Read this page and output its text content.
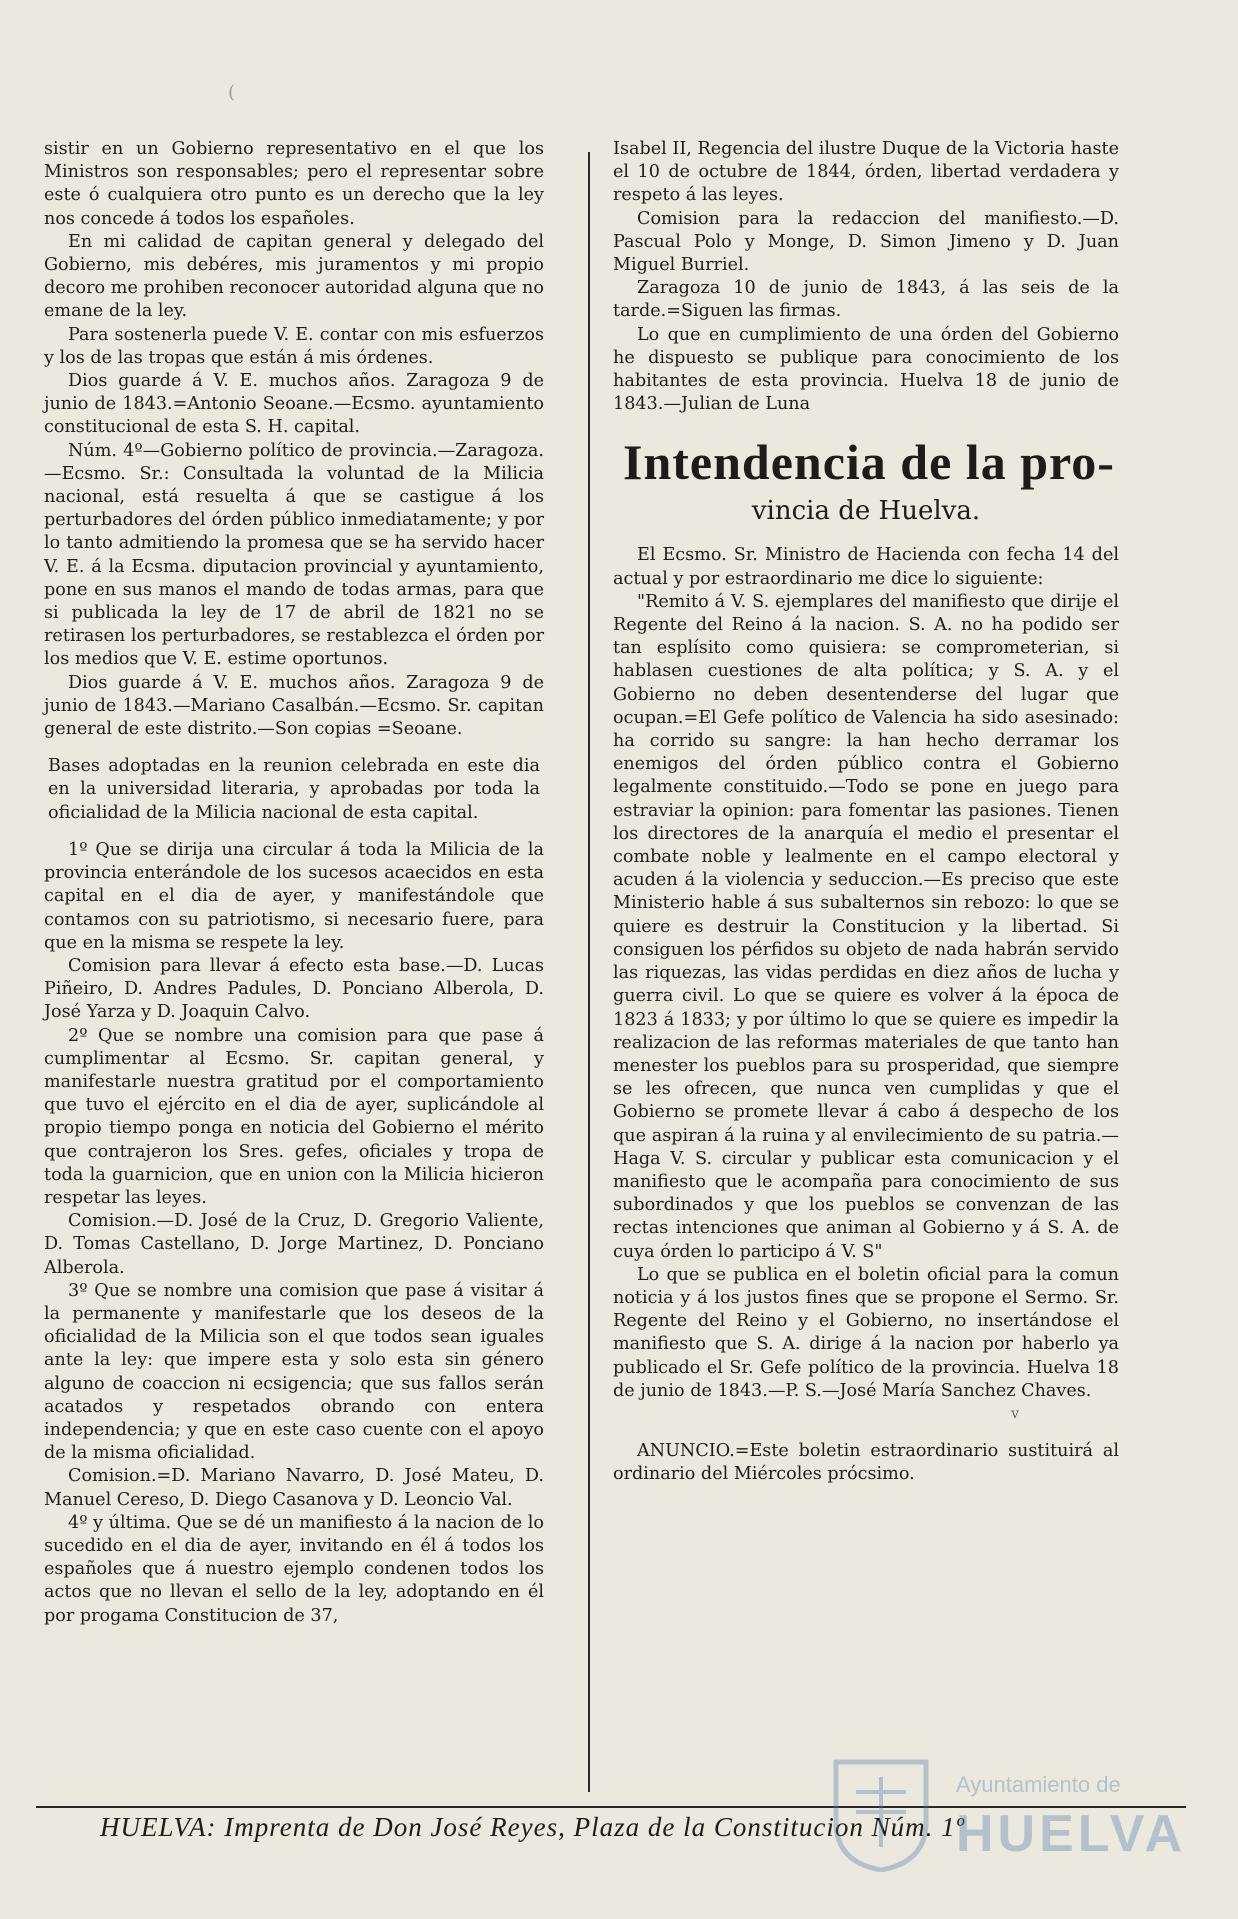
(

sistir en un Gobierno representativo en el que los Ministros son responsables; pero el representar sobre este ó cualquiera otro punto es un derecho que la ley nos concede á todos los españoles.

En mi calidad de capitan general y delegado del Gobierno, mis debéres, mis juramentos y mi propio decoro me prohiben reconocer autoridad alguna que no emane de la ley.

Para sostenerla puede V. E. contar con mis esfuerzos y los de las tropas que están á mis órdenes.

Dios guarde á V. E. muchos años. Zaragoza 9 de junio de 1843.=Antonio Seoane.—Ecsmo. ayuntamiento constitucional de esta S. H. capital.

Núm. 4º—Gobierno político de provincia.—Zaragoza.—Ecsmo. Sr.: Consultada la voluntad de la Milicia nacional, está resuelta á que se castigue á los perturbadores del órden público inmediatamente; y por lo tanto admitiendo la promesa que se ha servido hacer V. E. á la Ecsma. diputacion provincial y ayuntamiento, pone en sus manos el mando de todas armas, para que si publicada la ley de 17 de abril de 1821 no se retirasen los perturbadores, se restablezca el órden por los medios que V. E. estime oportunos.

Dios guarde á V. E. muchos años. Zaragoza 9 de junio de 1843.—Mariano Casalbán.—Ecsmo. Sr. capitan general de este distrito.—Son copias =Seoane.

Bases adoptadas en la reunion celebrada en este dia en la universidad literaria, y aprobadas por toda la oficialidad de la Milicia nacional de esta capital.

1º Que se dirija una circular á toda la Milicia de la provincia enterándole de los sucesos acaecidos en esta capital en el dia de ayer, y manifestándole que contamos con su patriotismo, si necesario fuere, para que en la misma se respete la ley.

Comision para llevar á efecto esta base.—D. Lucas Piñeiro, D. Andres Padules, D. Ponciano Alberola, D. José Yarza y D. Joaquin Calvo.

2º Que se nombre una comision para que pase á cumplimentar al Ecsmo. Sr. capitan general, y manifestarle nuestra gratitud por el comportamiento que tuvo el ejército en el dia de ayer, suplicándole al propio tiempo ponga en noticia del Gobierno el mérito que contrajeron los Sres. gefes, oficiales y tropa de toda la guarnicion, que en union con la Milicia hicieron respetar las leyes.

Comision.—D. José de la Cruz, D. Gregorio Valiente, D. Tomas Castellano, D. Jorge Martinez, D. Ponciano Alberola.

3º Que se nombre una comision que pase á visitar á la permanente y manifestarle que los deseos de la oficialidad de la Milicia son el que todos sean iguales ante la ley: que impere esta y solo esta sin género alguno de coaccion ni ecsigencia; que sus fallos serán acatados y respetados obrando con entera independencia; y que en este caso cuente con el apoyo de la misma oficialidad.

Comision.=D. Mariano Navarro, D. José Mateu, D. Manuel Cereso, D. Diego Casanova y D. Leoncio Val.

4º y última. Que se dé un manifiesto á la nacion de lo sucedido en el dia de ayer, invitando en él á todos los españoles que á nuestro ejemplo condenen todos los actos que no llevan el sello de la ley, adoptando en él por progama Constitucion de 37,

Isabel II, Regencia del ilustre Duque de la Victoria haste el 10 de octubre de 1844, órden, libertad verdadera y respeto á las leyes.

Comision para la redaccion del manifiesto.—D. Pascual Polo y Monge, D. Simon Jimeno y D. Juan Miguel Burriel.

Zaragoza 10 de junio de 1843, á las seis de la tarde.=Siguen las firmas.

Lo que en cumplimiento de una órden del Gobierno he dispuesto se publique para conocimiento de los habitantes de esta provincia. Huelva 18 de junio de 1843.—Julian de Luna

Intendencia de la pro-
vincia de Huelva.

El Ecsmo. Sr. Ministro de Hacienda con fecha 14 del actual y por estraordinario me dice lo siguiente:

"Remito á V. S. ejemplares del manifiesto que dirije el Regente del Reino á la nacion. S. A. no ha podido ser tan esplísito como quisiera: se comprometerian, si hablasen cuestiones de alta política; y S. A. y el Gobierno no deben desentenderse del lugar que ocupan.=El Gefe político de Valencia ha sido asesinado: ha corrido su sangre: la han hecho derramar los enemigos del órden público contra el Gobierno legalmente constituido.—Todo se pone en juego para estraviar la opinion: para fomentar las pasiones. Tienen los directores de la anarquía el medio el presentar el combate noble y lealmente en el campo electoral y acuden á la violencia y seduccion.—Es preciso que este Ministerio hable á sus subalternos sin rebozo: lo que se quiere es destruir la Constitucion y la libertad. Si consiguen los pérfidos su objeto de nada habrán servido las riquezas, las vidas perdidas en diez años de lucha y guerra civil. Lo que se quiere es volver á la época de 1823 á 1833; y por último lo que se quiere es impedir la realizacion de las reformas materiales de que tanto han menester los pueblos para su prosperidad, que siempre se les ofrecen, que nunca ven cumplidas y que el Gobierno se promete llevar á cabo á despecho de los que aspiran á la ruina y al envilecimiento de su patria.—Haga V. S. circular y publicar esta comunicacion y el manifiesto que le acompaña para conocimiento de sus subordinados y que los pueblos se convenzan de las rectas intenciones que animan al Gobierno y á S. A. de cuya órden lo participo á V. S"

Lo que se publica en el boletin oficial para la comun noticia y á los justos fines que se propone el Sermo. Sr. Regente del Reino y el Gobierno, no insertándose el manifiesto que S. A. dirige á la nacion por haberlo ya publicado el Sr. Gefe político de la provincia. Huelva 18 de junio de 1843.—P. S.—José María Sanchez Chaves.

v

ANUNCIO.=Este boletin estraordinario sustituirá al ordinario del Miércoles prócsimo.

HUELVA: Imprenta de Don José Reyes, Plaza de la Constitucion Núm. 1º
Ayuntamiento de
HUELVA
